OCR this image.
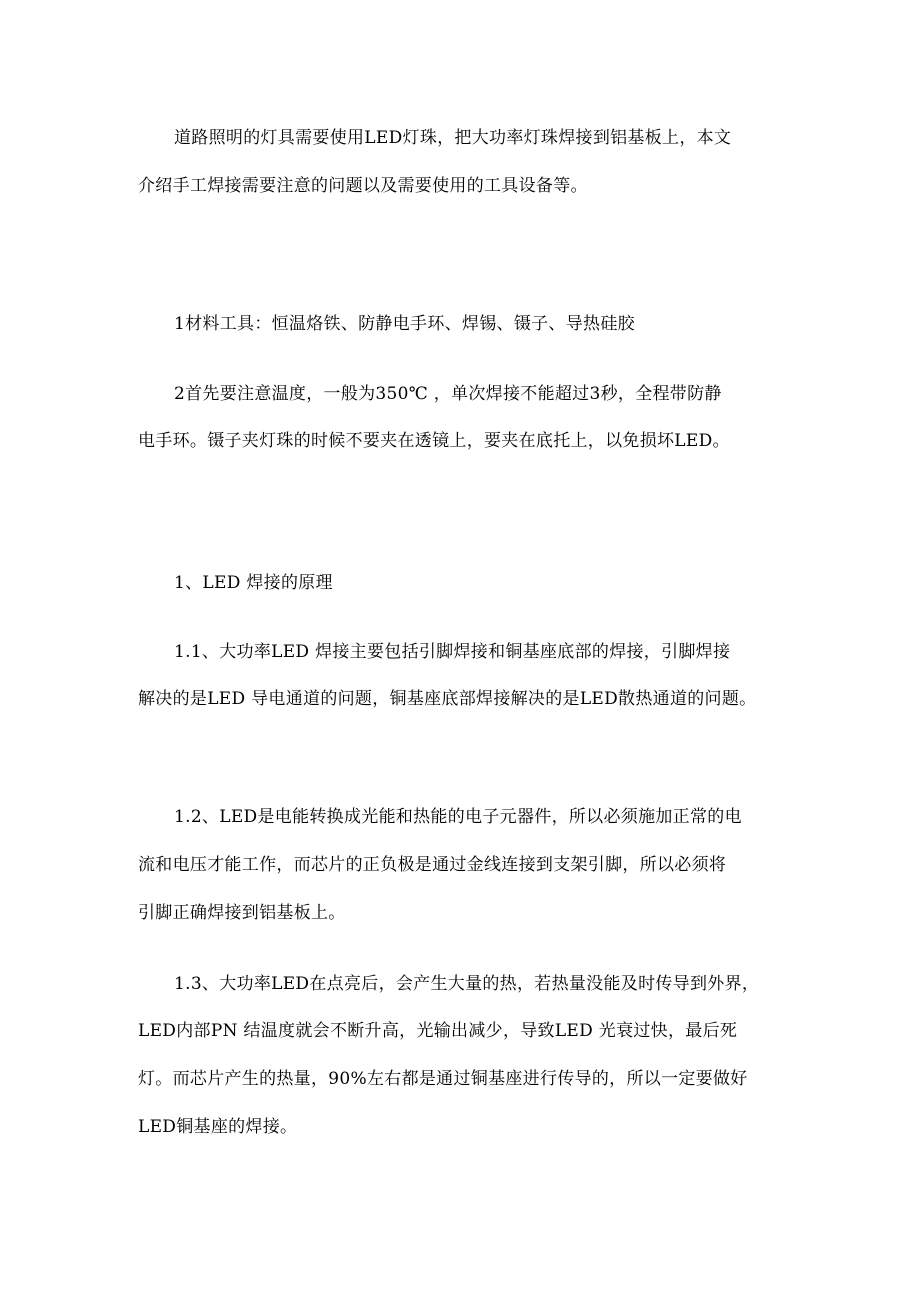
道路照明的灯具需要使用LED灯珠，把大功率灯珠焊接到铝基板上，本文
介绍手工焊接需要注意的问题以及需要使用的工具设备等。
1材料工具：恒温烙铁、防静电手环、焊锡、镊子、导热硅胶
2首先要注意温度，一般为350℃ ，单次焊接不能超过3秒，全程带防静
电手环。镊子夹灯珠的时候不要夹在透镜上，要夹在底托上，以免损坏LED。
1、LED 焊接的原理
1.1、大功率LED 焊接主要包括引脚焊接和铜基座底部的焊接，引脚焊接
解决的是LED 导电通道的问题，铜基座底部焊接解决的是LED散热通道的问题。
1.2、LED是电能转换成光能和热能的电子元器件，所以必须施加正常的电
流和电压才能工作，而芯片的正负极是通过金线连接到支架引脚，所以必须将
引脚正确焊接到铝基板上。
1.3、大功率LED在点亮后，会产生大量的热，若热量没能及时传导到外界，
LED内部PN 结温度就会不断升高，光输出减少，导致LED 光衰过快，最后死
灯。而芯片产生的热量，90%左右都是通过铜基座进行传导的，所以一定要做好
LED铜基座的焊接。
